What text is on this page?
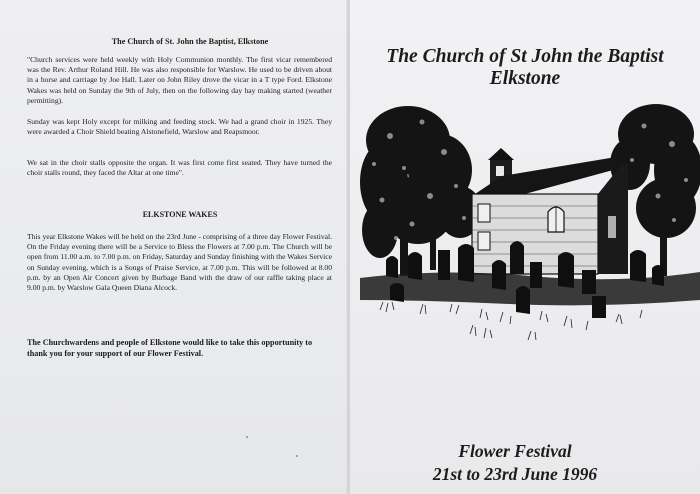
The Church of St. John the Baptist, Elkstone

"Church services were held weekly with Holy Communion monthly. The first vicar remembered was the Rev. Arthur Roland Hill. He was also responsible for Warslow. He used to be driven about in a horse and carriage by Joe Hall. Later on John Riley drove the vicar in a T type Ford. Elkstone Wakes was held on Sunday the 9th of July, then on the following day hay making started (weather permitting).

Sunday was kept Holy except for milking and feeding stock. We had a grand choir in 1925. They were awarded a Choir Shield beating Alstonefield, Warslow and Reapsmoor.

We sat in the choir stalls opposite the organ. It was first come first seated. They have turned the choir stalls round, they faced the Altar at one time".

ELKSTONE WAKES

This year Elkstone Wakes will be held on the 23rd June - comprising of a three day Flower Festival. On the Friday evening there will be a Service to Bless the Flowers at 7.00 p.m. The Church will be open from 11.00 a.m. to 7.00 p.m. on Friday, Saturday and Sunday finishing with the Wakes Service on Sunday evening, which is a Songs of Praise Service, at 7.00 p.m. This will be followed at 8.00 p.m. by an Open Air Concert given by Burbage Band with the draw of our raffle taking place at 9.00 p.m. by Warslow Gala Queen Diana Alcock.

The Churchwardens and people of Elkstone would like to take this opportunity to thank you for your support of our Flower Festival.

The Church of St John the Baptist
Elkstone
Flower Festival
21st to 23rd June 1996
